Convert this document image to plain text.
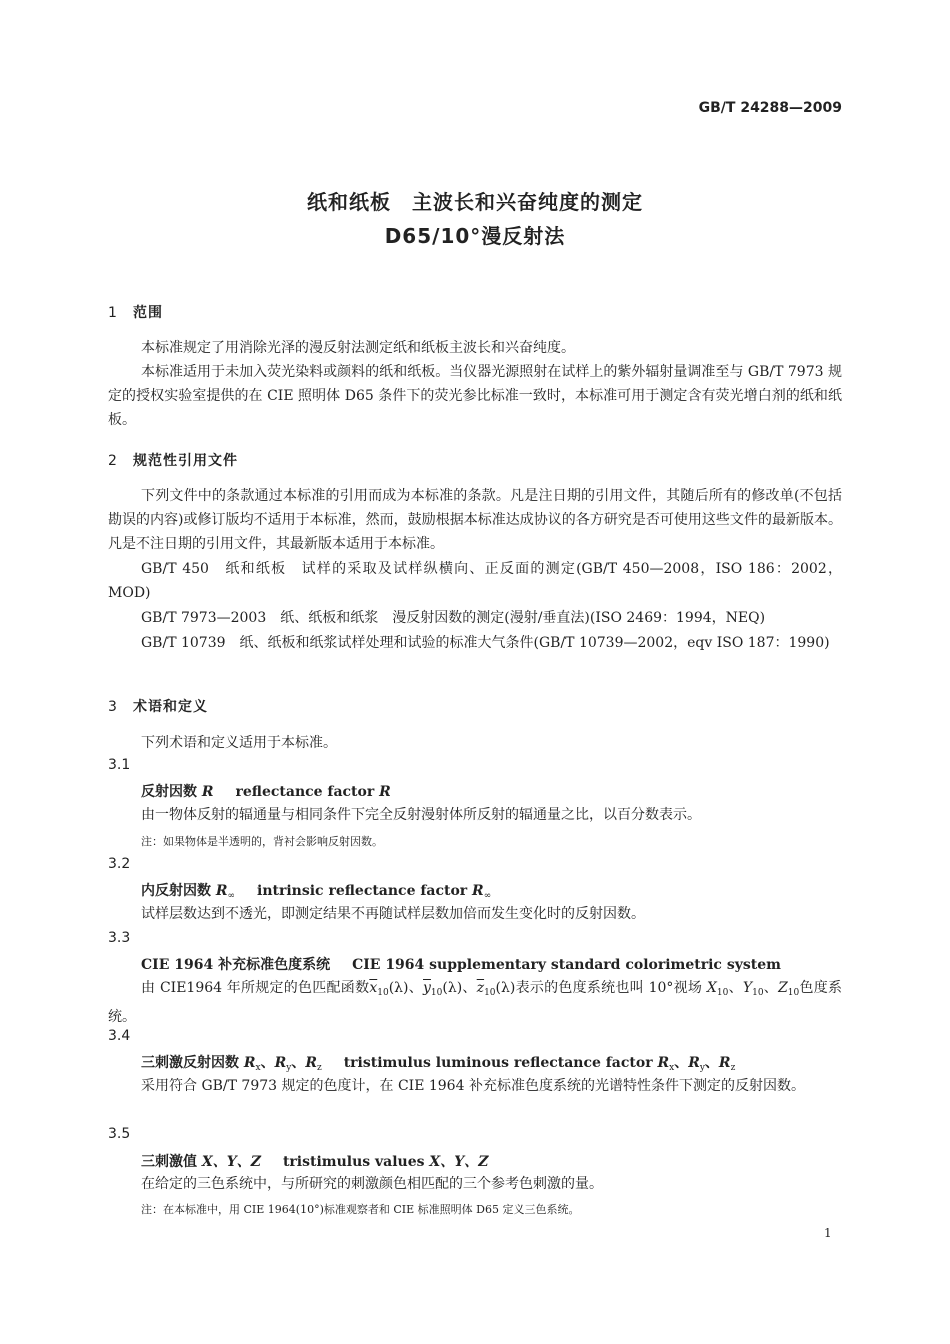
GB/T 24288—2009
纸和纸板　主波长和兴奋纯度的测定
D65/10°漫反射法
1 范围
本标准规定了用消除光泽的漫反射法测定纸和纸板主波长和兴奋纯度。
本标准适用于未加入荧光染料或颜料的纸和纸板。当仪器光源照射在试样上的紫外辐射量调准至与 GB/T 7973 规定的授权实验室提供的在 CIE 照明体 D65 条件下的荧光参比标准一致时，本标准可用于测定含有荧光增白剂的纸和纸板。
2 规范性引用文件
下列文件中的条款通过本标准的引用而成为本标准的条款。凡是注日期的引用文件，其随后所有的修改单(不包括勘误的内容)或修订版均不适用于本标准，然而，鼓励根据本标准达成协议的各方研究是否可使用这些文件的最新版本。凡是不注日期的引用文件，其最新版本适用于本标准。
GB/T 450　纸和纸板　试样的采取及试样纵横向、正反面的测定(GB/T 450—2008，ISO 186：2002，MOD)
GB/T 7973—2003　纸、纸板和纸浆　漫反射因数的测定(漫射/垂直法)(ISO 2469：1994，NEQ)
GB/T 10739　纸、纸板和纸浆试样处理和试验的标准大气条件(GB/T 10739—2002，eqv ISO 187：1990)
3 术语和定义
下列术语和定义适用于本标准。
3.1
反射因数 R reflectance factor R
由一物体反射的辐通量与相同条件下完全反射漫射体所反射的辐通量之比，以百分数表示。
注：如果物体是半透明的，背衬会影响反射因数。
3.2
内反射因数 $R_\infty$ intrinsic reflectance factor $R_\infty$
试样层数达到不透光，即测定结果不再随试样层数加倍而发生变化时的反射因数。
3.3
CIE 1964 补充标准色度系统 CIE 1964 supplementary standard colorimetric system
由 CIE1964 年所规定的色匹配函数$\overline{x}_{10}(\lambda)$、$\overline{y}_{10}(\lambda)$、$\overline{z}_{10}(\lambda)$表示的色度系统也叫 10°视场 $X_{10}$、$Y_{10}$、$Z_{10}$色度系统。
3.4
三刺激反射因数 $R_x$、$R_y$、$R_z$ tristimulus luminous reflectance factor $R_x$、$R_y$、$R_z$
采用符合 GB/T 7973 规定的色度计，在 CIE 1964 补充标准色度系统的光谱特性条件下测定的反射因数。
3.5
三刺激值 X、Y、Z tristimulus values X、Y、Z
在给定的三色系统中，与所研究的刺激颜色相匹配的三个参考色刺激的量。
注：在本标准中，用 CIE 1964(10°)标准观察者和 CIE 标准照明体 D65 定义三色系统。
1
